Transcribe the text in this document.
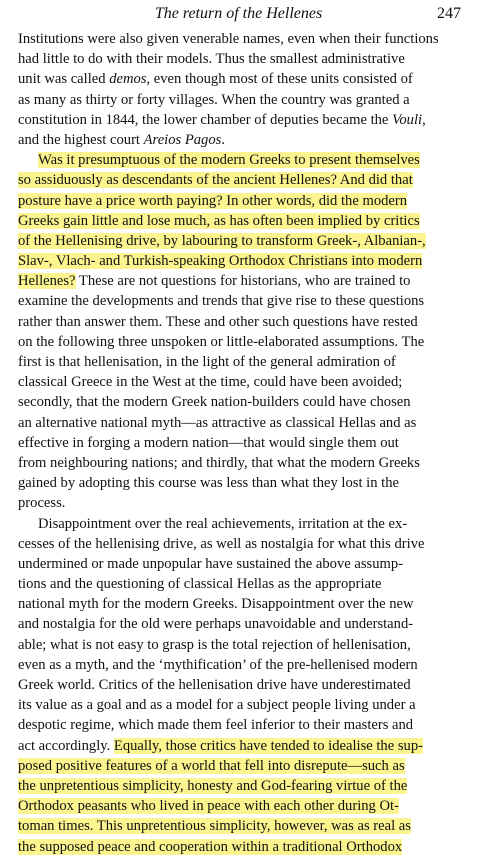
The return of the Hellenes	247
Institutions were also given venerable names, even when their functions
had little to do with their models. Thus the smallest administrative
unit was called demos, even though most of these units consisted of
as many as thirty or forty villages. When the country was granted a
constitution in 1844, the lower chamber of deputies became the Vouli,
and the highest court Areios Pagos.
Was it presumptuous of the modern Greeks to present themselves
so assiduously as descendants of the ancient Hellenes? And did that
posture have a price worth paying? In other words, did the modern
Greeks gain little and lose much, as has often been implied by critics
of the Hellenising drive, by labouring to transform Greek-, Albanian-,
Slav-, Vlach- and Turkish-speaking Orthodox Christians into modern
Hellenes? These are not questions for historians, who are trained to
examine the developments and trends that give rise to these questions
rather than answer them. These and other such questions have rested
on the following three unspoken or little-elaborated assumptions. The
first is that hellenisation, in the light of the general admiration of
classical Greece in the West at the time, could have been avoided;
secondly, that the modern Greek nation-builders could have chosen
an alternative national myth—as attractive as classical Hellas and as
effective in forging a modern nation—that would single them out
from neighbouring nations; and thirdly, that what the modern Greeks
gained by adopting this course was less than what they lost in the
process.
Disappointment over the real achievements, irritation at the ex-
cesses of the hellenising drive, as well as nostalgia for what this drive
undermined or made unpopular have sustained the above assump-
tions and the questioning of classical Hellas as the appropriate
national myth for the modern Greeks. Disappointment over the new
and nostalgia for the old were perhaps unavoidable and understand-
able; what is not easy to grasp is the total rejection of hellenisation,
even as a myth, and the ‘mythification’ of the pre-hellenised modern
Greek world. Critics of the hellenisation drive have underestimated
its value as a goal and as a model for a subject people living under a
despotic regime, which made them feel inferior to their masters and
act accordingly. Equally, those critics have tended to idealise the sup-
posed positive features of a world that fell into disrepute—such as
the unpretentious simplicity, honesty and God-fearing virtue of the
Orthodox peasants who lived in peace with each other during Ot-
toman times. This unpretentious simplicity, however, was as real as
the supposed peace and cooperation within a traditional Orthodox
